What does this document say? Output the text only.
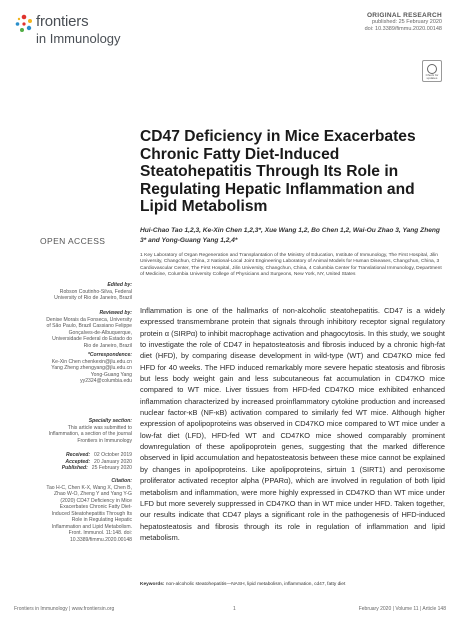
frontiers
in Immunology
ORIGINAL RESEARCH
published: 25 February 2020
doi: 10.3389/fimmu.2020.00148
Check for updates
CD47 Deficiency in Mice Exacerbates Chronic Fatty Diet-Induced Steatohepatitis Through Its Role in Regulating Hepatic Inflammation and Lipid Metabolism
Hui-Chao Tao 1,2,3, Ke-Xin Chen 1,2,3*, Xue Wang 1,2, Bo Chen 1,2, Wai-Ou Zhao 3, Yang Zheng 3* and Yong-Guang Yang 1,2,4*
1 Key Laboratory of Organ Regeneration and Transplantation of the Ministry of Education, Institute of Immunology, The First Hospital, Jilin University, Changchun, China, 2 National-Local Joint Engineering Laboratory of Animal Models for Human Diseases, Changchun, China, 3 Cardiovascular Center, The First Hospital, Jilin University, Changchun, China, 4 Columbia Center for Translational Immunology, Department of Medicine, Columbia University College of Physicians and Surgeons, New York, NY, United States
OPEN ACCESS
Edited by:
Robson Coutinho-Silva, Federal University of Rio de Janeiro, Brazil
Reviewed by:
Denise Morais da Fonseca, University of São Paulo, Brazil Cassiano Felippe Gonçalves-de-Albuquerque, Universidade Federal do Estado do Rio de Janeiro, Brazil
*Correspondence:
Ke-Xin Chen chenkexin@jlu.edu.cn Yang Zheng zhengyang@jlu.edu.cn Yong-Guang Yang yy2324@columbia.edu
Specialty section:
This article was submitted to Inflammation, a section of the journal Frontiers in Immunology
Received: 02 October 2019
Accepted: 20 January 2020
Published: 25 February 2020
Citation:
Tao H-C, Chen K-X, Wang X, Chen B, Zhao W-O, Zheng Y and Yang Y-G (2020) CD47 Deficiency in Mice Exacerbates Chronic Fatty Diet-Induced Steatohepatitis Through Its Role in Regulating Hepatic Inflammation and Lipid Metabolism. Front. Immunol. 11:148. doi: 10.3389/fimmu.2020.00148
Inflammation is one of the hallmarks of non-alcoholic steatohepatitis. CD47 is a widely expressed transmembrane protein that signals through inhibitory receptor signal regulatory protein α (SIRPα) to inhibit macrophage activation and phagocytosis. In this study, we sought to investigate the role of CD47 in hepatosteatosis and fibrosis induced by a chronic high-fat diet (HFD), by comparing disease development in wild-type (WT) and CD47KO mice fed HFD for 40 weeks. The HFD induced remarkably more severe hepatic steatosis and fibrosis but less body weight gain and less subcutaneous fat accumulation in CD47KO mice compared to WT mice. Liver tissues from HFD-fed CD47KO mice exhibited enhanced inflammation characterized by increased proinflammatory cytokine production and increased nuclear factor-κB (NF-κB) activation compared to similarly fed WT mice. Although higher expression of apolipoproteins was observed in CD47KO mice compared to WT mice under a low-fat diet (LFD), HFD-fed WT and CD47KO mice showed comparably prominent downregulation of these apolipoprotein genes, suggesting that the marked difference observed in lipid accumulation and hepatosteatosis between these mice cannot be explained by changes in apolipoproteins. Like apolipoproteins, sirtuin 1 (SIRT1) and peroxisome proliferator activated receptor alpha (PPARα), which are involved in regulation of both lipid metabolism and inflammation, were more highly expressed in CD47KO than WT mice under LFD but more severely suppressed in CD47KO than in WT mice under HFD. Taken together, our results indicate that CD47 plays a significant role in the pathogenesis of HFD-induced hepatosteatosis and fibrosis through its role in regulation of inflammation and lipid metabolism.
Keywords: non-alcoholic steatohepatitis—NASH, lipid metabolism, inflammation, cd47, fatty diet
Frontiers in Immunology | www.frontiersin.org	1	February 2020 | Volume 11 | Article 148
